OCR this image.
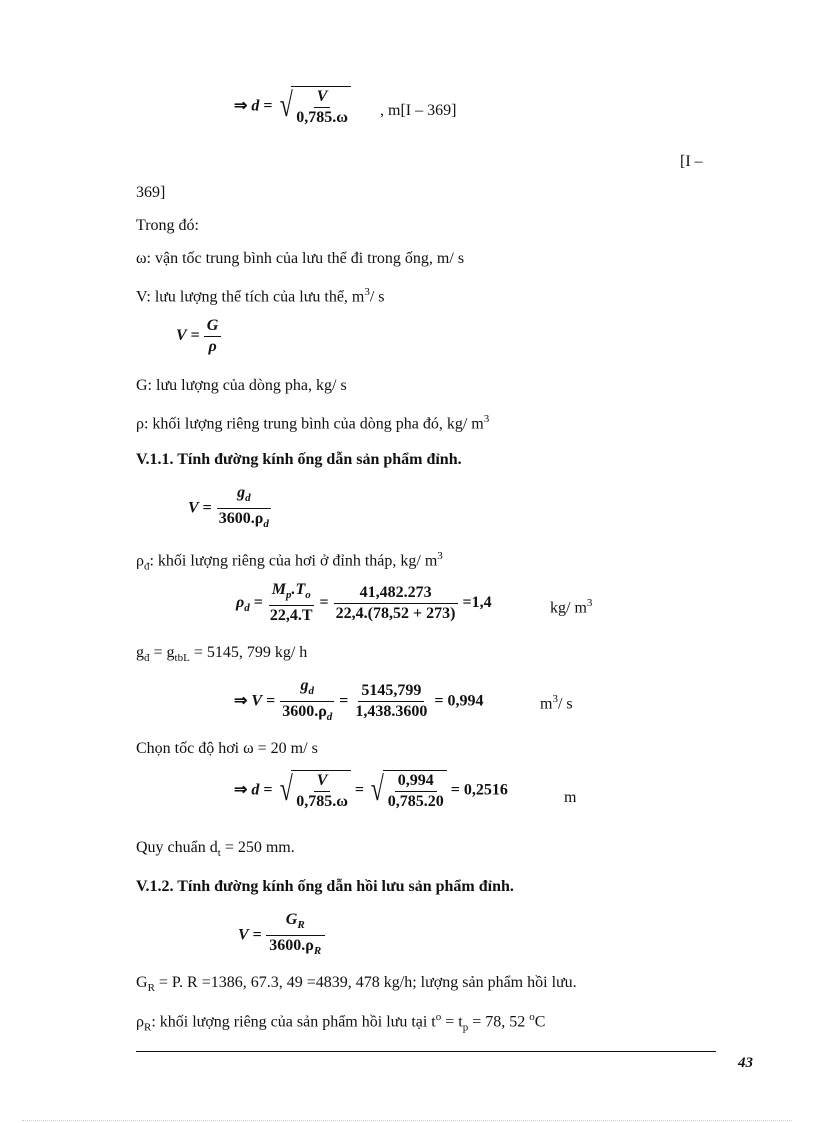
⇒ d = √ $\frac{V}{0,785.\omega}$ , m[I – 369]
[I –
369]
Trong đó:
ω: vận tốc trung bình của lưu thể đi trong ống, m/ s
V: lưu lượng thể tích của lưu thể, $m^3/$ s
$V = \frac{G}{\rho}$
G: lưu lượng của dòng pha, kg/ s
ρ: khối lượng riêng trung bình của dòng pha đó, kg/ $m^3$
V.1.1. Tính đường kính ống dẫn sản phẩm đỉnh.
$V = \frac{g_d}{3600.\rho_d}$
$\rho_đ$: khối lượng riêng của hơi ở đỉnh tháp, kg/ $m^3$
$\rho_d = \frac{M_p.T_o}{22,4.T} = \frac{41,482.273}{22,4.(78,52 + 273)} =1,4$	kg/ $m^3$
$g_đ = g_{tbL} = 5145$, 799 kg/ h
⇒ $V = \frac{g_d}{3600.\rho_d} = \frac{5145,799}{1,438.3600} = 0,994$	$m^3/$ s
Chọn tốc độ hơi ω = 20 m/ s
⇒ d = √ $\frac{V}{0,785.\omega}$ = √ $\frac{0,994}{0,785.20} = 0,2516$	m
Quy chuẩn $d_t = 250$ mm.
V.1.2. Tính đường kính ống dẫn hồi lưu sản phẩm đỉnh.
$V = \frac{G_R}{3600.\rho_R}$
$G_R = P$. R =1386, 67.3, 49 =4839, 478 kg/h; lượng sản phẩm hồi lưu.
$\rho_R$: khối lượng riêng của sản phẩm hồi lưu tại $t^o = t_p = 78$, 52 $^o$C
43
